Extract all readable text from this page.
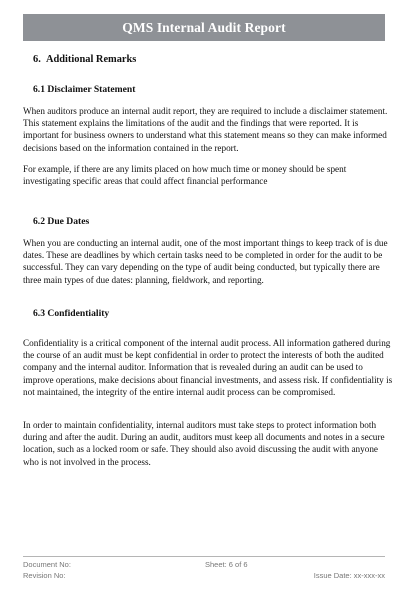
QMS Internal Audit Report
6.  Additional Remarks
6.1 Disclaimer Statement

When auditors produce an internal audit report, they are required to include a disclaimer statement. This statement explains the limitations of the audit and the findings that were reported. It is important for business owners to understand what this statement means so they can make informed decisions based on the information contained in the report.

For example, if there are any limits placed on how much time or money should be spent investigating specific areas that could affect financial performance

6.2 Due Dates

When you are conducting an internal audit, one of the most important things to keep track of is due dates. These are deadlines by which certain tasks need to be completed in order for the audit to be successful. They can vary depending on the type of audit being conducted, but typically there are three main types of due dates: planning, fieldwork, and reporting.

6.3 Confidentiality

Confidentiality is a critical component of the internal audit process. All information gathered during the course of an audit must be kept confidential in order to protect the interests of both the audited company and the internal auditor. Information that is revealed during an audit can be used to improve operations, make decisions about financial investments, and assess risk. If confidentiality is not maintained, the integrity of the entire internal audit process can be compromised.

In order to maintain confidentiality, internal auditors must take steps to protect information both during and after the audit. During an audit, auditors must keep all documents and notes in a secure location, such as a locked room or safe. They should also avoid discussing the audit with anyone who is not involved in the process.

Document No:	Sheet: 6 of 6
Revision No:	Issue Date: xx-xxx-xx
